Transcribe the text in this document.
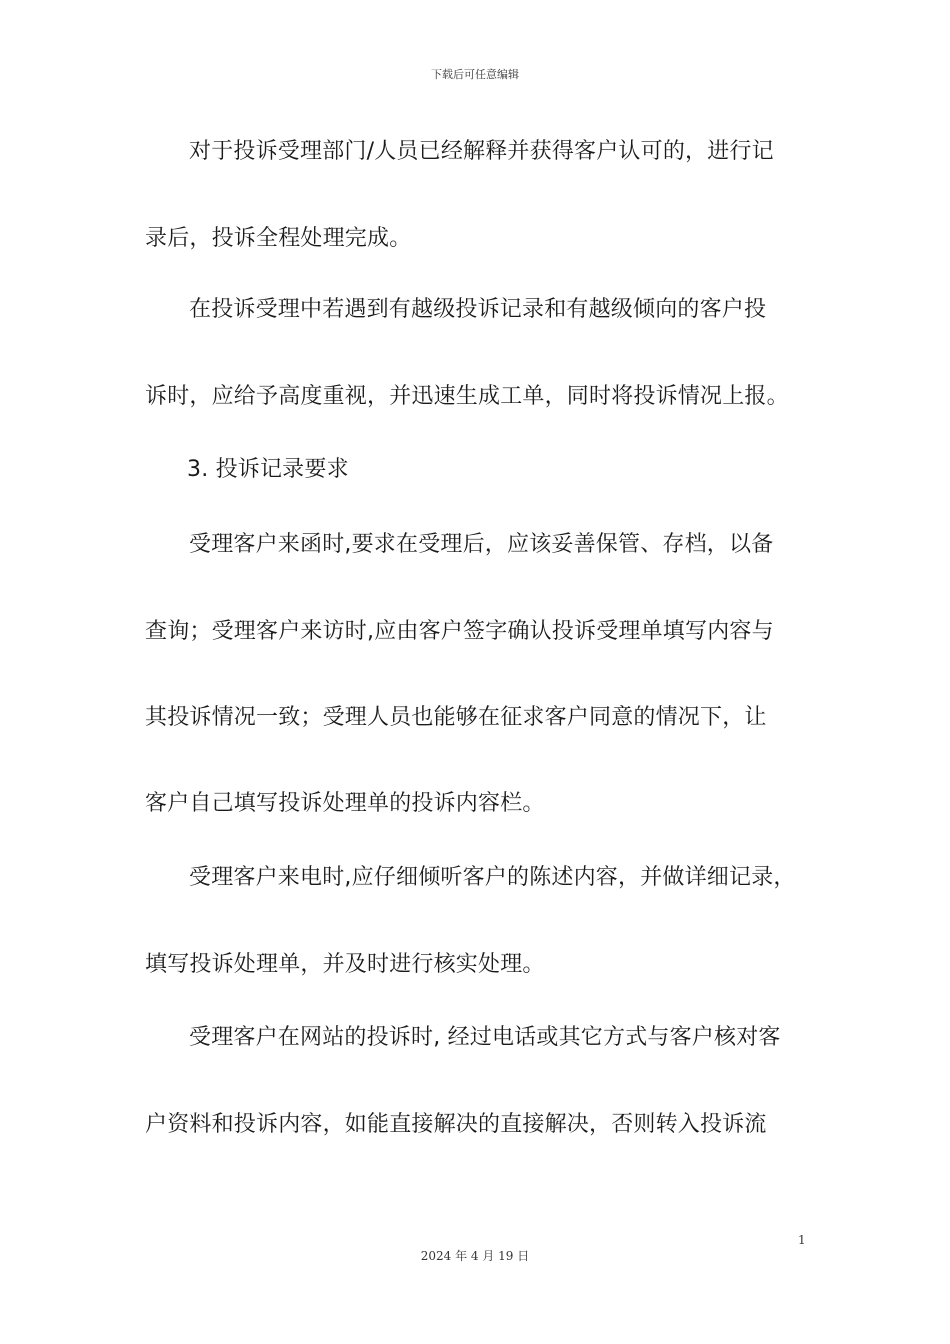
下载后可任意编辑
对于投诉受理部门/人员已经解释并获得客户认可的，进行记
录后，投诉全程处理完成。
在投诉受理中若遇到有越级投诉记录和有越级倾向的客户投
诉时，应给予高度重视，并迅速生成工单，同时将投诉情况上报。
3. 投诉记录要求
受理客户来函时,要求在受理后，应该妥善保管、存档，以备
查询；受理客户来访时,应由客户签字确认投诉受理单填写内容与
其投诉情况一致；受理人员也能够在征求客户同意的情况下，让
客户自己填写投诉处理单的投诉内容栏。
受理客户来电时,应仔细倾听客户的陈述内容，并做详细记录，
填写投诉处理单，并及时进行核实处理。
受理客户在网站的投诉时, 经过电话或其它方式与客户核对客
户资料和投诉内容，如能直接解决的直接解决，否则转入投诉流
1
2024 年 4 月 19 日
